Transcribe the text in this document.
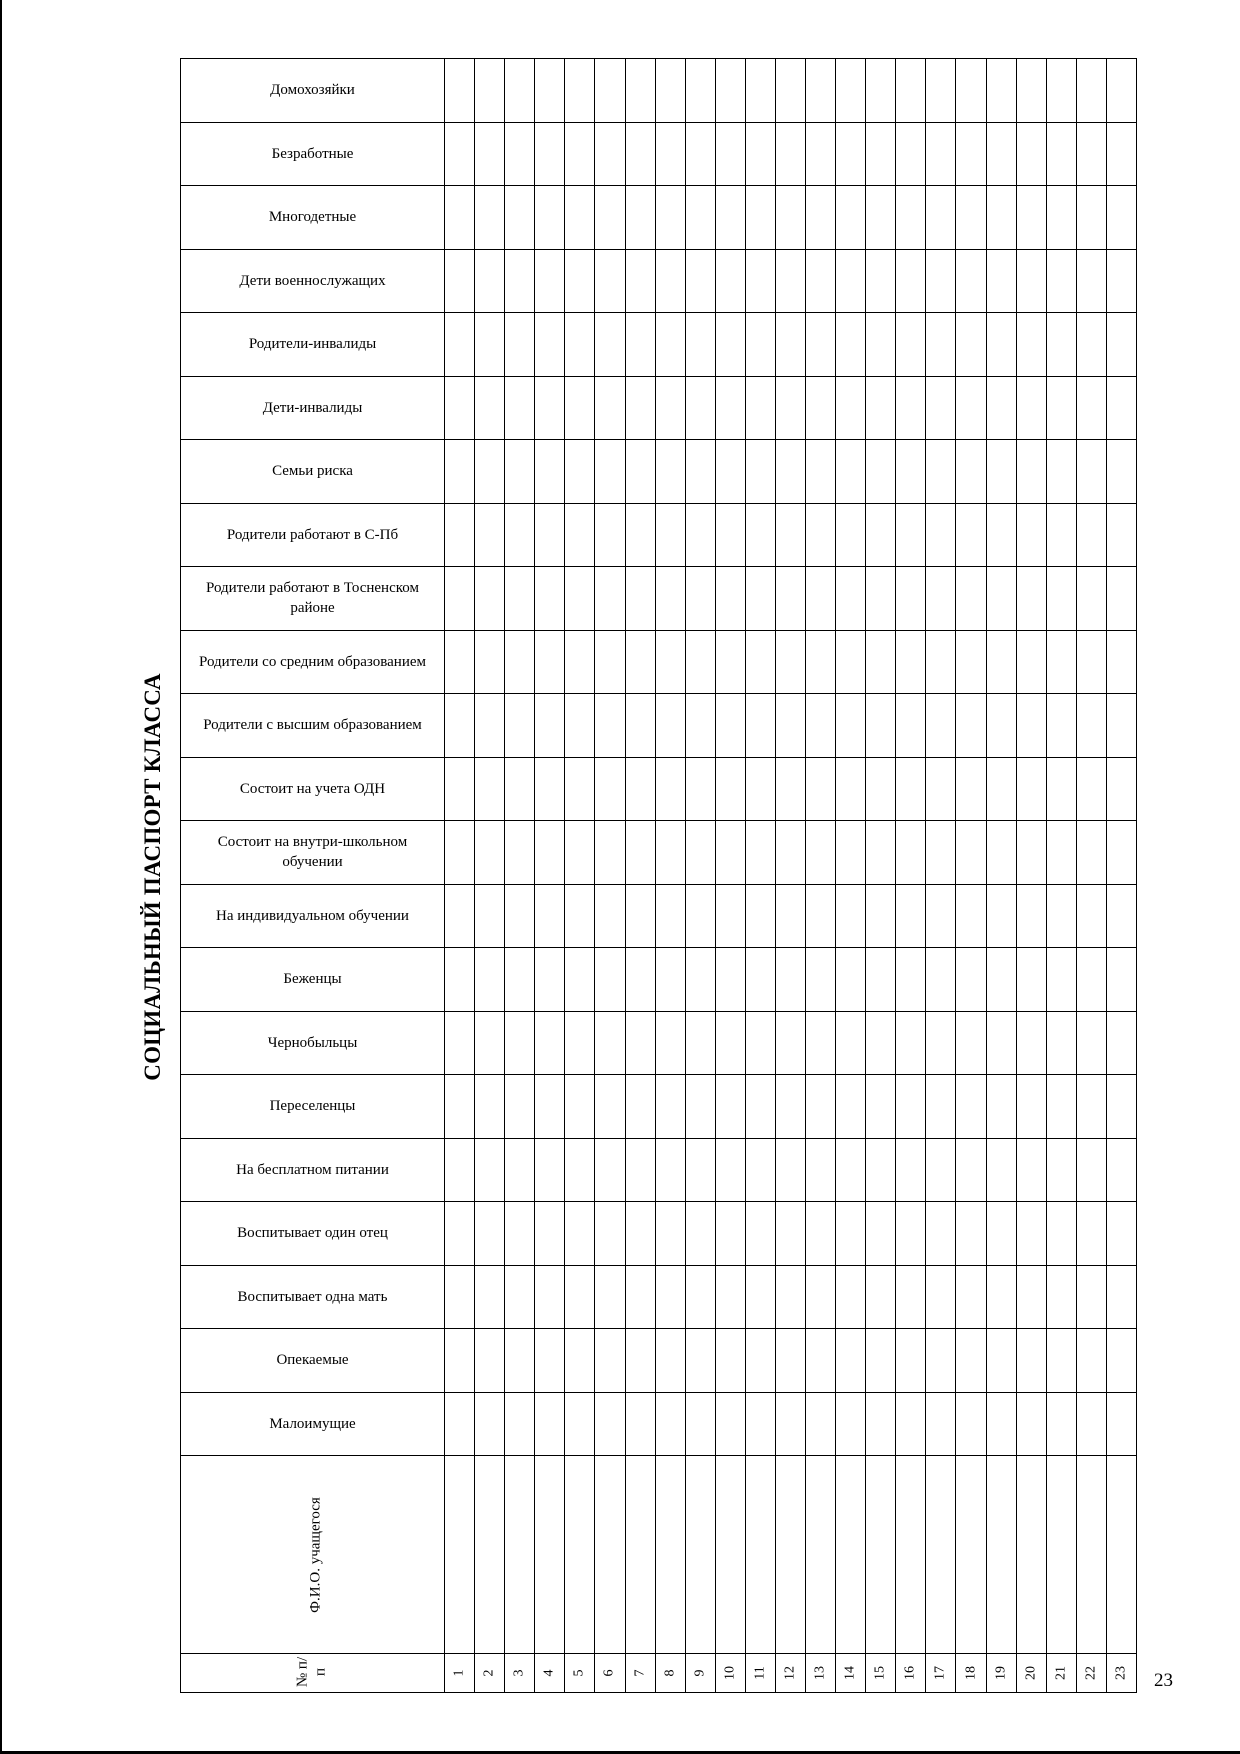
СОЦИАЛЬНЫЙ ПАСПОРТ КЛАССА
Домохозяйки
Безработные
Многодетные
Дети военнослужащих
Родители-инвалиды
Дети-инвалиды
Семьи риска
Родители работают в С-Пб
Родители работают в Тосненском районе
Родители со средним образованием
Родители с высшим образованием
Состоит на учета ОДН
Состоит на внутри-школьном обучении
На индивидуальном обучении
Беженцы
Чернобыльцы
Переселенцы
На бесплатном питании
Воспитывает один отец
Воспитывает одна мать
Опекаемые
Малоимущие
Ф.И.О. учащегося
№ п/ п	1 2 3 4 5 6 7 8 9 10 11 12 13 14 15 16 17 18 19 20 21 22 23 23
